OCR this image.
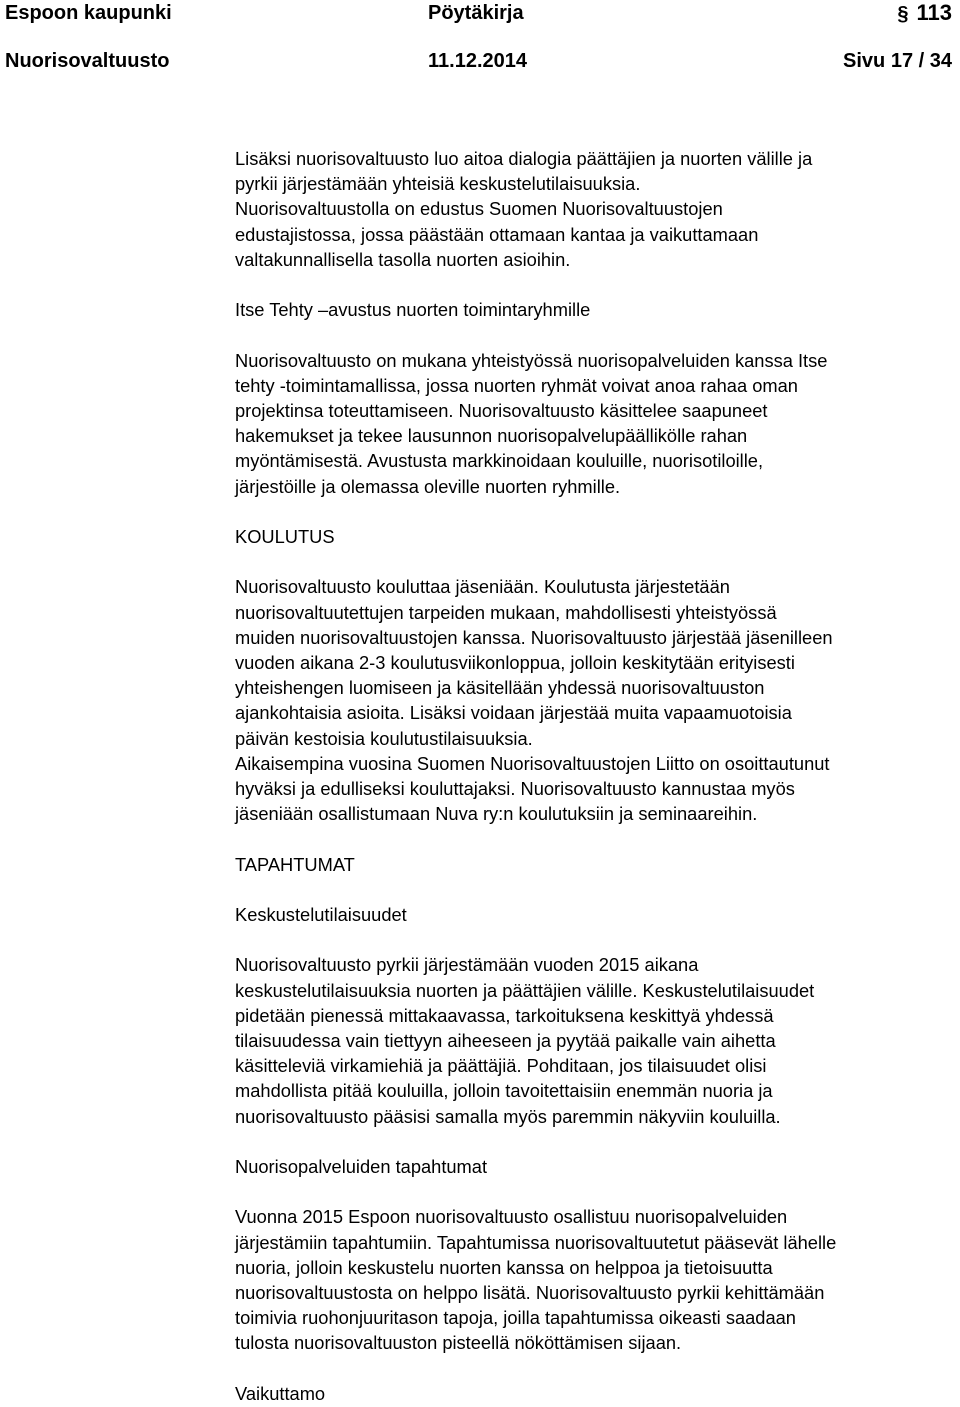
Espoon kaupunki	Pöytäkirja	§ 113
Nuorisovaltuusto	11.12.2014	Sivu 17 / 34

Lisäksi nuorisovaltuusto luo aitoa dialogia päättäjien ja nuorten välille ja
pyrkii järjestämään yhteisiä keskustelutilaisuuksia.
Nuorisovaltuustolla on edustus Suomen Nuorisovaltuustojen
edustajistossa, jossa päästään ottamaan kantaa ja vaikuttamaan
valtakunnallisella tasolla nuorten asioihin.

Itse Tehty –avustus nuorten toimintaryhmille

Nuorisovaltuusto on mukana yhteistyössä nuorisopalveluiden kanssa Itse
tehty -toimintamallissa, jossa nuorten ryhmät voivat anoa rahaa oman
projektinsa toteuttamiseen. Nuorisovaltuusto käsittelee saapuneet
hakemukset ja tekee lausunnon nuorisopalvelupäällikölle rahan
myöntämisestä. Avustusta markkinoidaan kouluille, nuorisotiloille,
järjestöille ja olemassa oleville nuorten ryhmille.

KOULUTUS

Nuorisovaltuusto kouluttaa jäseniään. Koulutusta järjestetään
nuorisovaltuutettujen tarpeiden mukaan, mahdollisesti yhteistyössä
muiden nuorisovaltuustojen kanssa. Nuorisovaltuusto järjestää jäsenilleen
vuoden aikana 2-3 koulutusviikonloppua, jolloin keskitytään erityisesti
yhteishengen luomiseen ja käsitellään yhdessä nuorisovaltuuston
ajankohtaisia asioita. Lisäksi voidaan järjestää muita vapaamuotoisia
päivän kestoisia koulutustilaisuuksia.
Aikaisempina vuosina Suomen Nuorisovaltuustojen Liitto on osoittautunut
hyväksi ja edulliseksi kouluttajaksi. Nuorisovaltuusto kannustaa myös
jäseniään osallistumaan Nuva ry:n koulutuksiin ja seminaareihin.

TAPAHTUMAT

Keskustelutilaisuudet

Nuorisovaltuusto pyrkii järjestämään vuoden 2015 aikana
keskustelutilaisuuksia nuorten ja päättäjien välille. Keskustelutilaisuudet
pidetään pienessä mittakaavassa, tarkoituksena keskittyä yhdessä
tilaisuudessa vain tiettyyn aiheeseen ja pyytää paikalle vain aihetta
käsitteleviä virkamiehiä ja päättäjiä. Pohditaan, jos tilaisuudet olisi
mahdollista pitää kouluilla, jolloin tavoitettaisiin enemmän nuoria ja
nuorisovaltuusto pääsisi samalla myös paremmin näkyviin kouluilla.

Nuorisopalveluiden tapahtumat

Vuonna 2015 Espoon nuorisovaltuusto osallistuu nuorisopalveluiden
järjestämiin tapahtumiin. Tapahtumissa nuorisovaltuutetut pääsevät lähelle
nuoria, jolloin keskustelu nuorten kanssa on helppoa ja tietoisuutta
nuorisovaltuustosta on helppo lisätä. Nuorisovaltuusto pyrkii kehittämään
toimivia ruohonjuuritason tapoja, joilla tapahtumissa oikeasti saadaan
tulosta nuorisovaltuuston pisteellä nököttämisen sijaan.

Vaikuttamo
